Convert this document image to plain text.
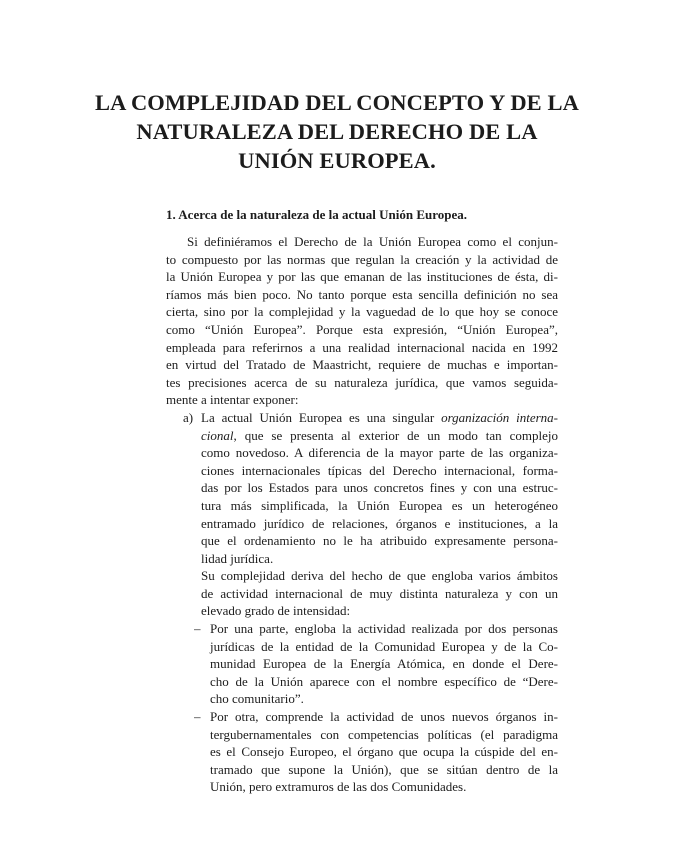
LA COMPLEJIDAD DEL CONCEPTO Y DE LA
NATURALEZA DEL DERECHO DE LA
UNIÓN EUROPEA.
1. Acerca de la naturaleza de la actual Unión Europea.
Si definiéramos el Derecho de la Unión Europea como el conjun-
to compuesto por las normas que regulan la creación y la actividad de
la Unión Europea y por las que emanan de las instituciones de ésta, di-
ríamos más bien poco. No tanto porque esta sencilla definición no sea
cierta, sino por la complejidad y la vaguedad de lo que hoy se conoce
como “Unión Europea”. Porque esta expresión, “Unión Europea”,
empleada para referirnos a una realidad internacional nacida en 1992
en virtud del Tratado de Maastricht, requiere de muchas e importan-
tes precisiones acerca de su naturaleza jurídica, que vamos seguida-
mente a intentar exponer:
a) La actual Unión Europea es una singular organización interna-
cional, que se presenta al exterior de un modo tan complejo
como novedoso. A diferencia de la mayor parte de las organiza-
ciones internacionales típicas del Derecho internacional, forma-
das por los Estados para unos concretos fines y con una estruc-
tura más simplificada, la Unión Europea es un heterogéneo
entramado jurídico de relaciones, órganos e instituciones, a la
que el ordenamiento no le ha atribuido expresamente persona-
lidad jurídica.
Su complejidad deriva del hecho de que engloba varios ámbitos
de actividad internacional de muy distinta naturaleza y con un
elevado grado de intensidad:
– Por una parte, engloba la actividad realizada por dos personas
jurídicas de la entidad de la Comunidad Europea y de la Co-
munidad Europea de la Energía Atómica, en donde el Dere-
cho de la Unión aparece con el nombre específico de “Dere-
cho comunitario”.
– Por otra, comprende la actividad de unos nuevos órganos in-
tergubernamentales con competencias políticas (el paradigma
es el Consejo Europeo, el órgano que ocupa la cúspide del en-
tramado que supone la Unión), que se sitúan dentro de la
Unión, pero extramuros de las dos Comunidades.
